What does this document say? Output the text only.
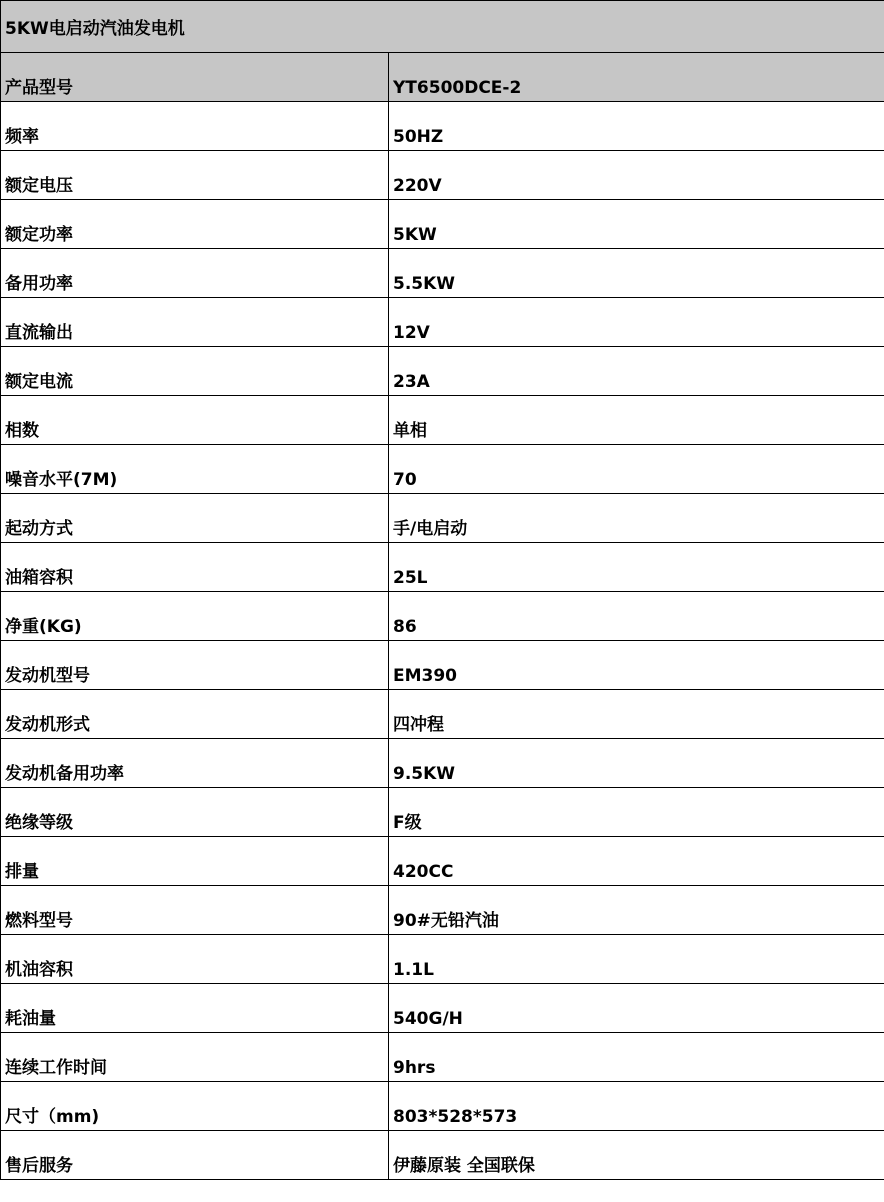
5KW电启动汽油发电机	
产品型号	YT6500DCE-2
频率	50HZ
额定电压	220V
额定功率	5KW
备用功率	5.5KW
直流输出	12V
额定电流	23A
相数	单相
噪音水平(7M)	70
起动方式	手/电启动
油箱容积	25L
净重(KG)	86
发动机型号	EM390
发动机形式	四冲程
发动机备用功率	9.5KW
绝缘等级	F级
排量	420CC
燃料型号	90#无铅汽油
机油容积	1.1L
耗油量	540G/H
连续工作时间	9hrs
尺寸（mm)	803*528*573
售后服务	伊藤原装 全国联保
